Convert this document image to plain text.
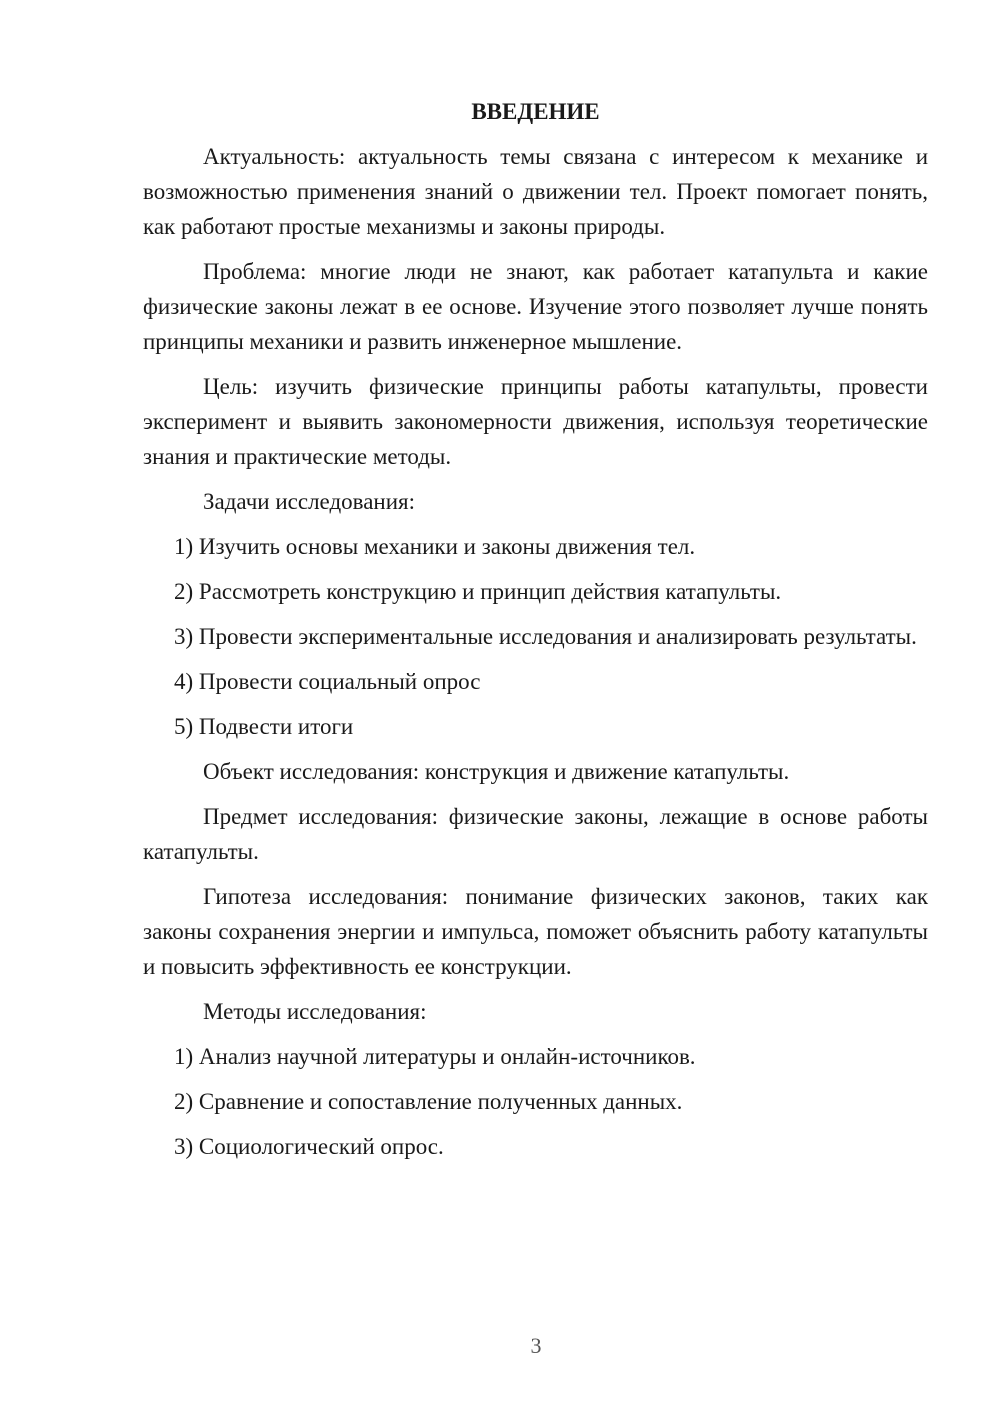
ВВЕДЕНИЕ
Актуальность: актуальность темы связана с интересом к механике и возможностью применения знаний о движении тел. Проект помогает понять, как работают простые механизмы и законы природы.
Проблема: многие люди не знают, как работает катапульта и какие физические законы лежат в ее основе. Изучение этого позволяет лучше понять принципы механики и развить инженерное мышление.
Цель: изучить физические принципы работы катапульты, провести эксперимент и выявить закономерности движения, используя теоретические знания и практические методы.
Задачи исследования:
1) Изучить основы механики и законы движения тел.
2) Рассмотреть конструкцию и принцип действия катапульты.
3) Провести экспериментальные исследования и анализировать результаты.
4) Провести социальный опрос
5) Подвести итоги
Объект исследования: конструкция и движение катапульты.
Предмет исследования: физические законы, лежащие в основе работы катапульты.
Гипотеза исследования: понимание физических законов, таких как законы сохранения энергии и импульса, поможет объяснить работу катапульты и повысить эффективность ее конструкции.
Методы исследования:
1) Анализ научной литературы и онлайн-источников.
2) Сравнение и сопоставление полученных данных.
3) Социологический опрос.
3
